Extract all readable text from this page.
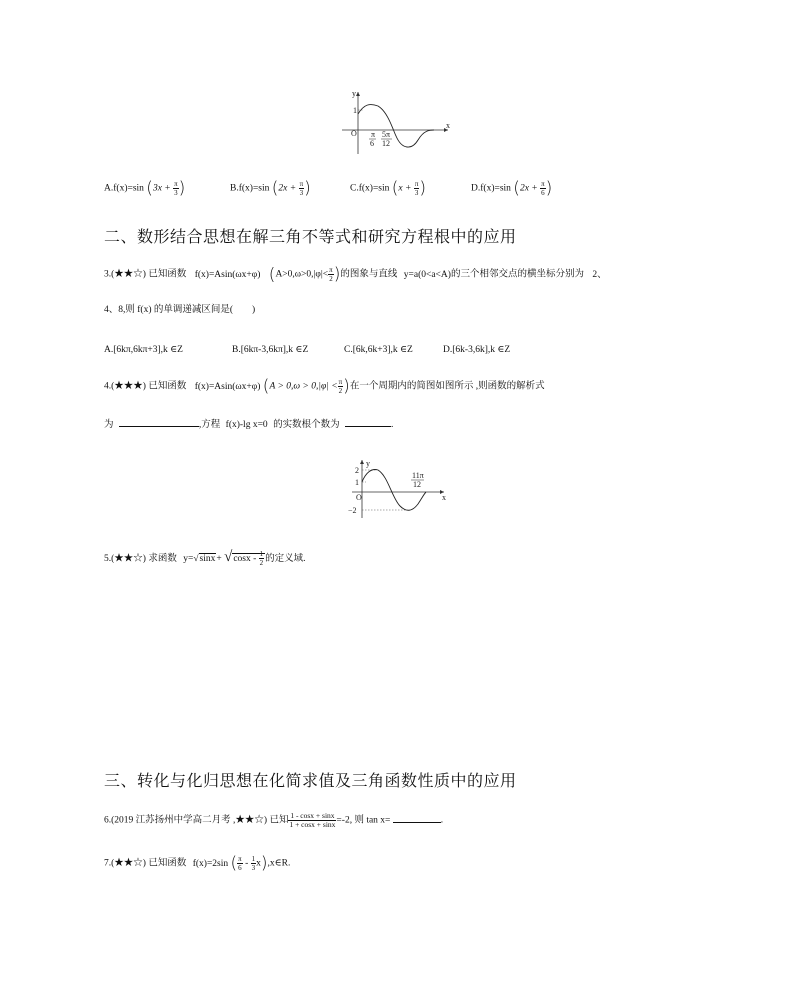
y
x
O
1
π
6
5π
12
A.f(x)=sin ($3x + \frac{\pi}{3}$ )	B.f(x)=sin ($2x + \frac{\pi}{3}$ )	C.f(x)=sin ($x + \frac{\pi}{3}$ )	D.f(x)=sin ($2x + \frac{\pi}{6}$ )
二、数形结合思想在解三角不等式和研究方程根中的应用
3.(★★☆) 已知函数 f(x)=Asin(ωx+φ) ($A>0,\omega>0,|\varphi|< \frac{\pi}{2}$ )的图象与直线 y=a(0<a<A)的三个相邻交点的横坐标分别为 2、
4、8,则 f(x) 的单调递减区间是(　　)
A.[6kπ,6kπ+3],k ∈Z	B.[6kπ-3,6kπ],k ∈Z	C.[6k,6k+3],k ∈Z	D.[6k-3,6k],k ∈Z
4.(★★★) 已知函数 f(x)=Asin(ωx+φ) ($A > 0,\omega > 0,|\varphi| < \frac{\pi}{2}$ )在一个周期内的简图如图所示 ,则函数的解析式
为	,方程 f(x)-lg x=0 的实数根个数为	.
y
x
O
2
1
−2
11π
12
5.(★★☆) 求函数 $y=√\sin x+ √\cos x - \frac{1}{2}$ 的定义域.
三、转化与化归思想在化简求值及三角函数性质中的应用
6.(2019 江苏扬州中学高二月考 ,★★☆) 已知 $\frac{1 - \cos x + \sin x}{1 + \cos x + \sin x} =-2$, 则 tan x=	.
7.(★★☆) 已知函数 f(x)=2sin ( $\frac{\pi}{6} - \frac{1}{3}$ x),x∈R.
